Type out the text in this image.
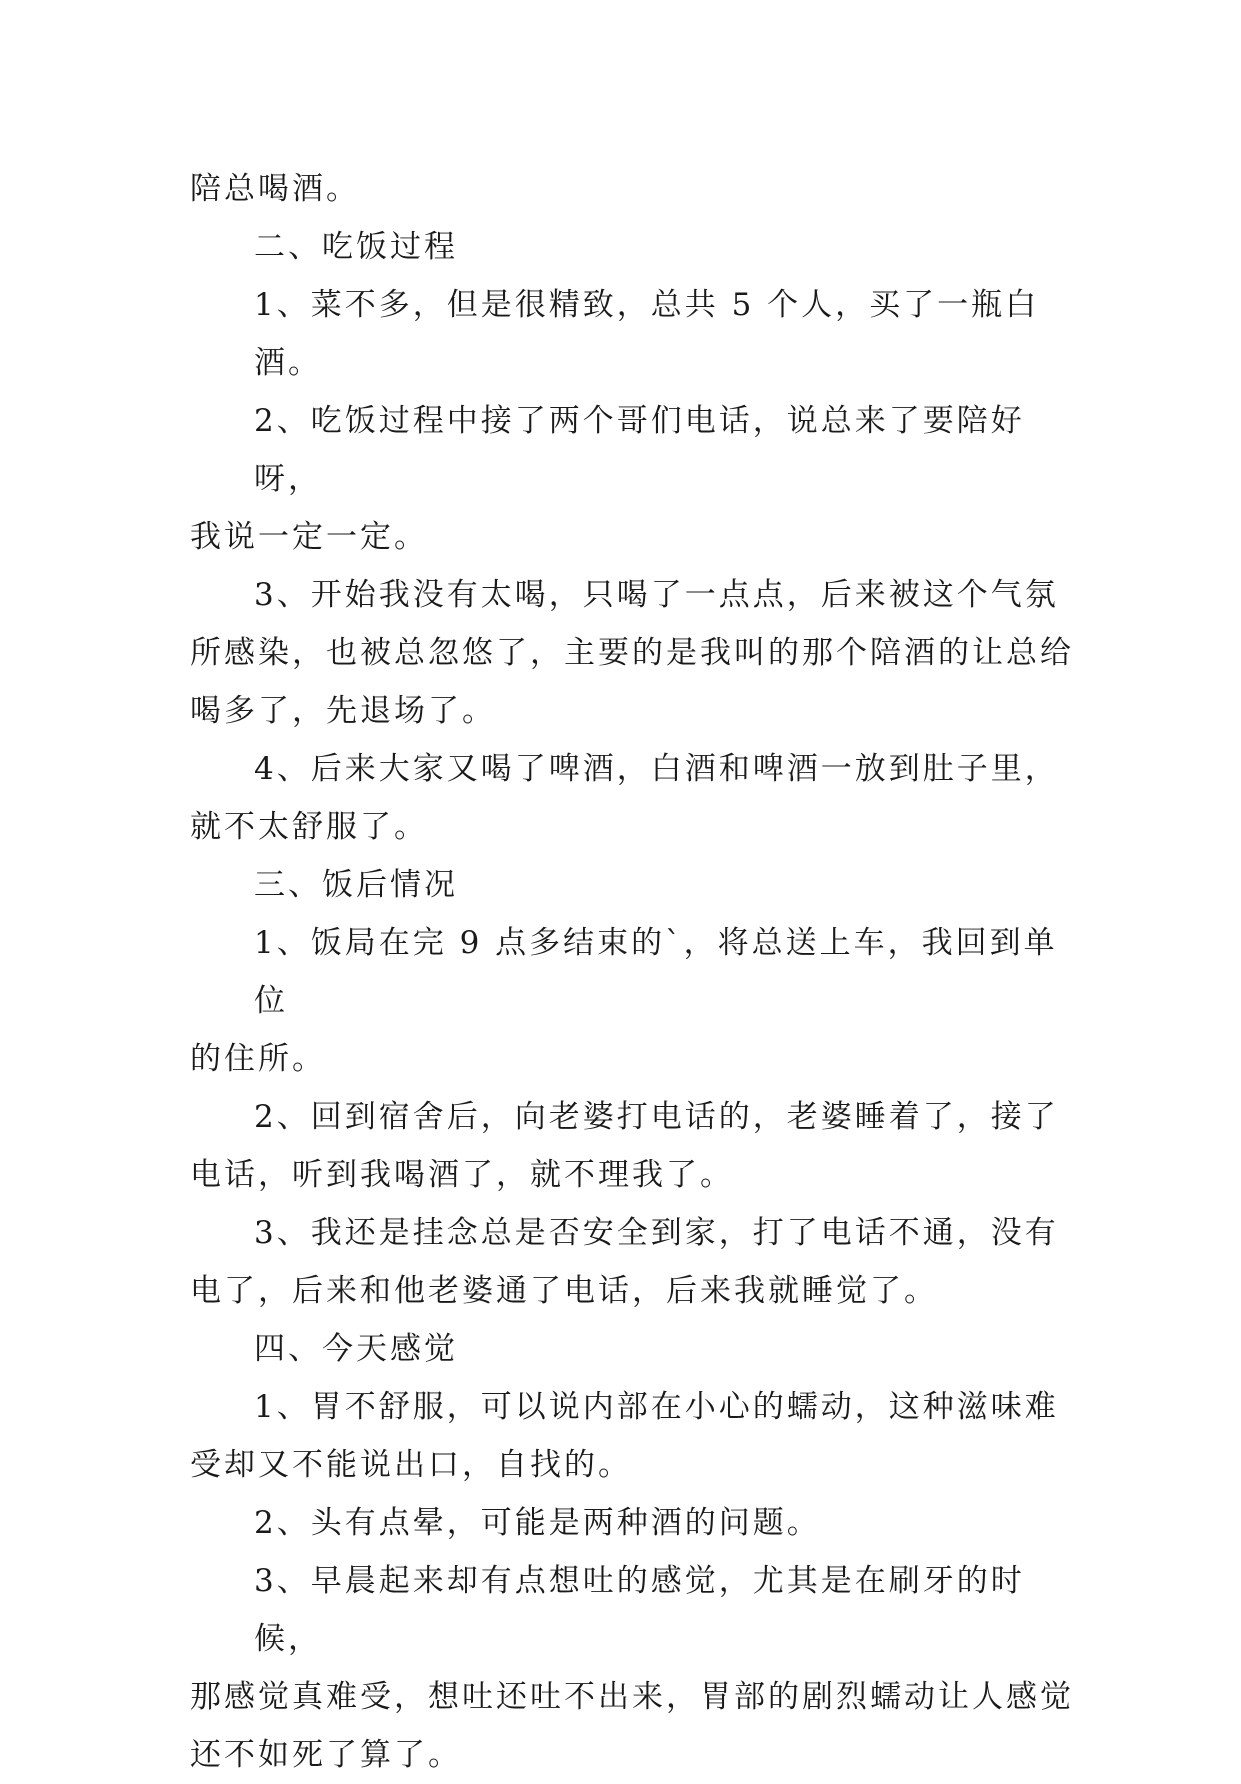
陪总喝酒。

二、吃饭过程

1、菜不多，但是很精致，总共 5 个人，买了一瓶白酒。

2、吃饭过程中接了两个哥们电话，说总来了要陪好呀，
我说一定一定。

3、开始我没有太喝，只喝了一点点，后来被这个气氛
所感染，也被总忽悠了，主要的是我叫的那个陪酒的让总给
喝多了，先退场了。

4、后来大家又喝了啤酒，白酒和啤酒一放到肚子里，
就不太舒服了。

三、饭后情况

1、饭局在完 9 点多结束的`，将总送上车，我回到单位
的住所。

2、回到宿舍后，向老婆打电话的，老婆睡着了，接了
电话，听到我喝酒了，就不理我了。

3、我还是挂念总是否安全到家，打了电话不通，没有
电了，后来和他老婆通了电话，后来我就睡觉了。

四、今天感觉

1、胃不舒服，可以说内部在小心的蠕动，这种滋味难
受却又不能说出口，自找的。

2、头有点晕，可能是两种酒的问题。

3、早晨起来却有点想吐的感觉，尤其是在刷牙的时候，
那感觉真难受，想吐还吐不出来，胃部的剧烈蠕动让人感觉
还不如死了算了。
